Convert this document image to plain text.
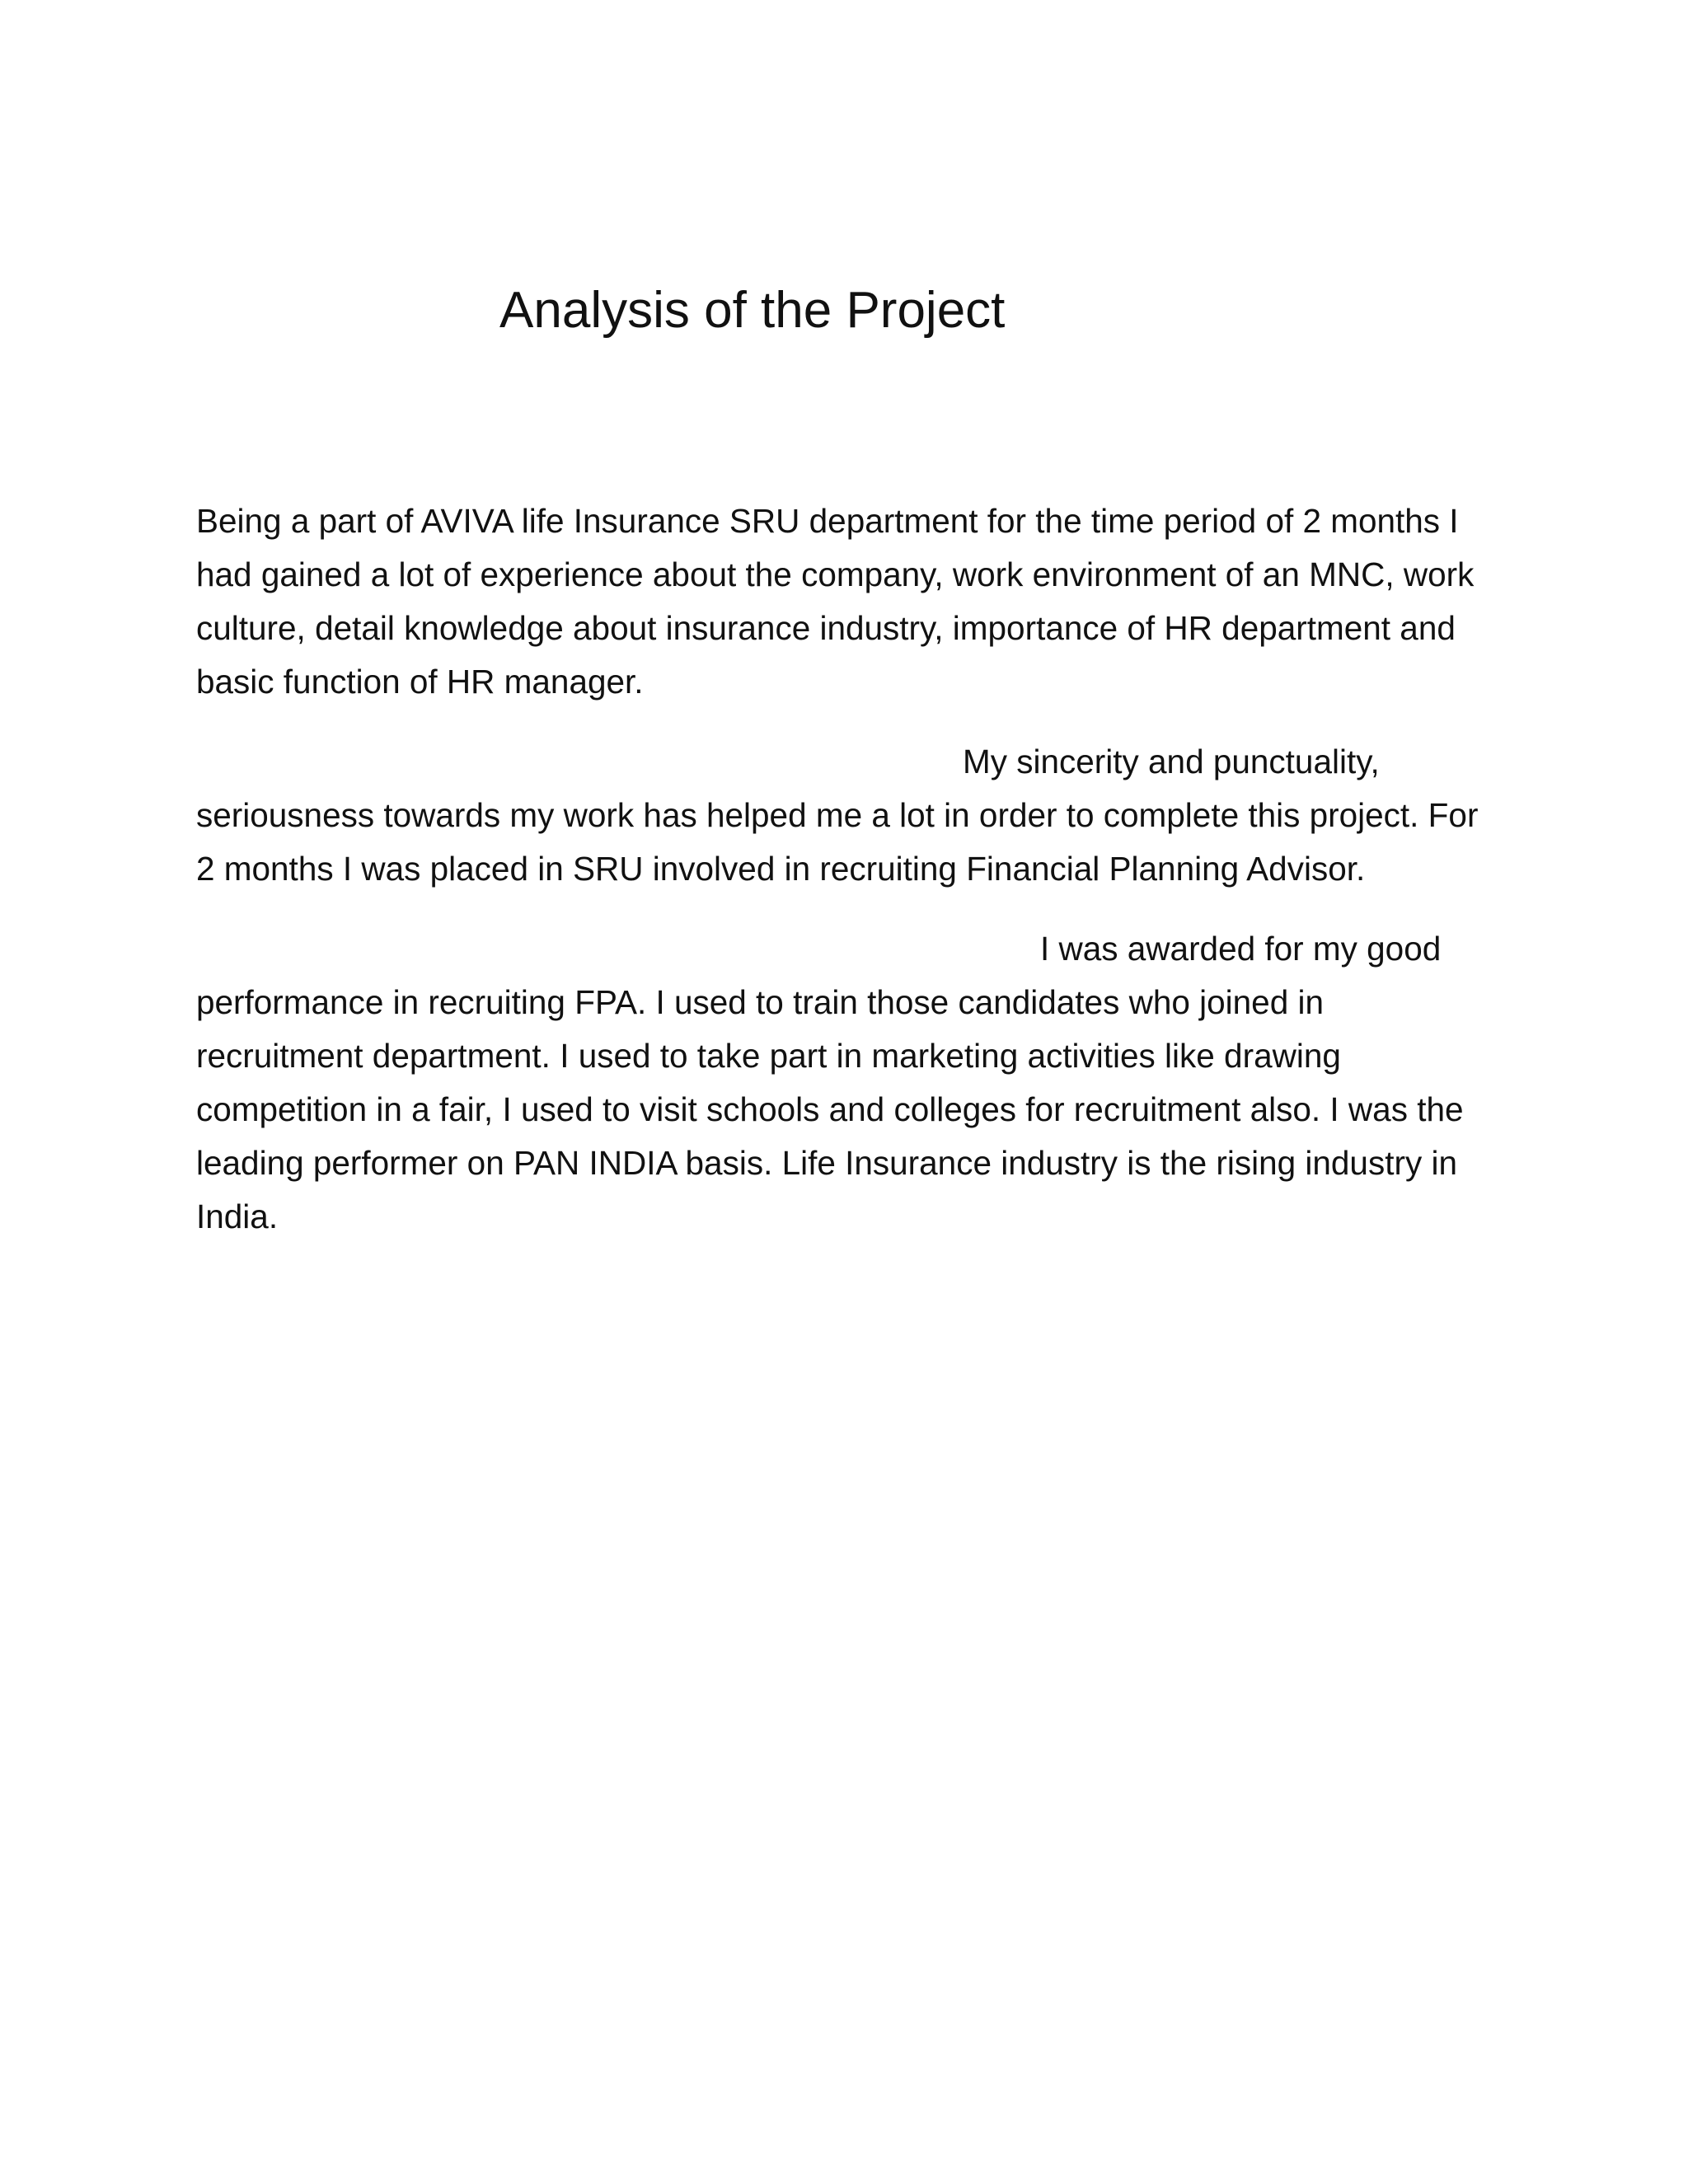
Analysis of the Project

Being a part of AVIVA life Insurance SRU department for the time period of 2 months I had gained a lot of experience about the company, work environment of an MNC, work culture, detail knowledge about insurance industry, importance of HR department and basic function of HR manager.

My sincerity and punctuality, seriousness towards my work has helped me a lot in order to complete this project. For 2 months I was placed in SRU involved in recruiting Financial Planning Advisor.

I was awarded for my good performance in recruiting FPA. I used to train those candidates who joined in recruitment department. I used to take part in marketing activities like drawing competition in a fair, I used to visit schools and colleges for recruitment also. I was the leading performer on PAN INDIA basis. Life Insurance industry is the rising industry in India.
